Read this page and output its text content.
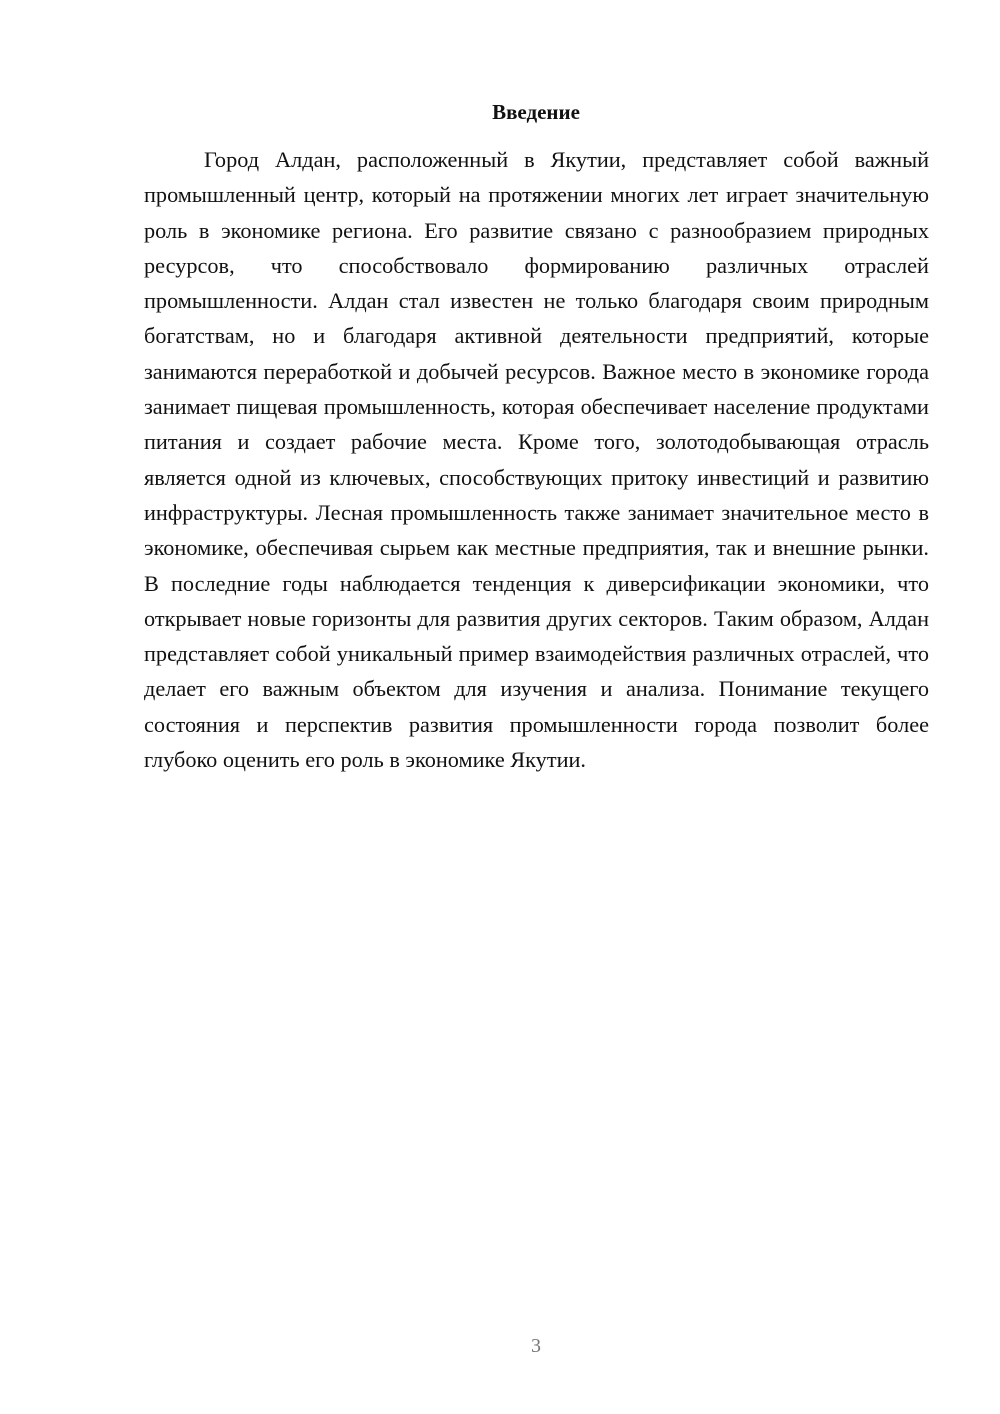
Введение

Город Алдан, расположенный в Якутии, представляет собой важный промышленный центр, который на протяжении многих лет играет значительную роль в экономике региона. Его развитие связано с разнообразием природных ресурсов, что способствовало формированию различных отраслей промышленности. Алдан стал известен не только благодаря своим природным богатствам, но и благодаря активной деятельности предприятий, которые занимаются переработкой и добычей ресурсов. Важное место в экономике города занимает пищевая промышленность, которая обеспечивает население продуктами питания и создает рабочие места. Кроме того, золотодобывающая отрасль является одной из ключевых, способствующих притоку инвестиций и развитию инфраструктуры. Лесная промышленность также занимает значительное место в экономике, обеспечивая сырьем как местные предприятия, так и внешние рынки. В последние годы наблюдается тенденция к диверсификации экономики, что открывает новые горизонты для развития других секторов. Таким образом, Алдан представляет собой уникальный пример взаимодействия различных отраслей, что делает его важным объектом для изучения и анализа. Понимание текущего состояния и перспектив развития промышленности города позволит более глубоко оценить его роль в экономике Якутии.

3
